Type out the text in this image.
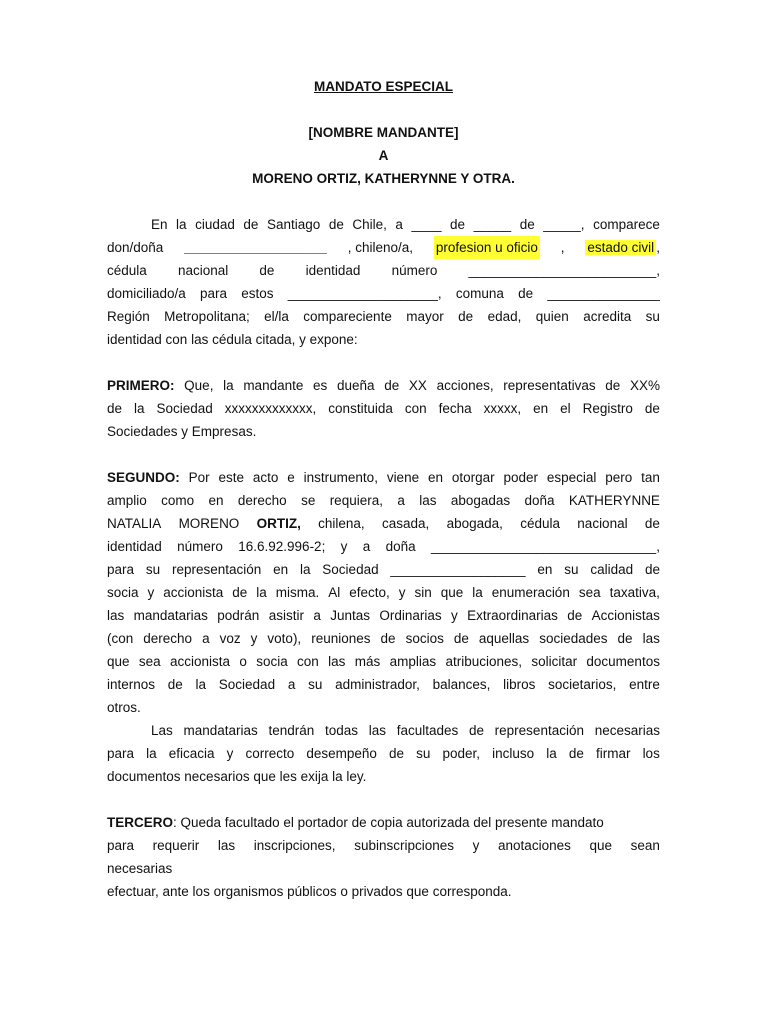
MANDATO ESPECIAL
[NOMBRE MANDANTE]
A
MORENO ORTIZ, KATHERYNNE Y OTRA.
En la ciudad de Santiago de Chile, a ____ de _____ de _____, comparece
don/doña ___________________ , chileno/a, profesion u oficio , estado civil ,
cédula nacional de identidad número _________________________,
domiciliado/a para estos ____________________, comuna de _______________
Región Metropolitana; el/la compareciente mayor de edad, quien acredita su
identidad con las cédula citada, y expone:
PRIMERO: Que, la mandante es dueña de XX acciones, representativas de XX%
de la Sociedad xxxxxxxxxxxxx, constituida con fecha xxxxx, en el Registro de
Sociedades y Empresas.
SEGUNDO: Por este acto e instrumento, viene en otorgar poder especial pero tan
amplio como en derecho se requiera, a las abogadas doña KATHERYNNE
NATALIA MORENO ORTIZ, chilena, casada, abogada, cédula nacional de
identidad número 16.6.92.996-2; y a doña ______________________________,
para su representación en la Sociedad __________________ en su calidad de
socia y accionista de la misma. Al efecto, y sin que la enumeración sea taxativa,
las mandatarias podrán asistir a Juntas Ordinarias y Extraordinarias de Accionistas
(con derecho a voz y voto), reuniones de socios de aquellas sociedades de las
que sea accionista o socia con las más amplias atribuciones, solicitar documentos
internos de la Sociedad a su administrador, balances, libros societarios, entre
otros.
Las mandatarias tendrán todas las facultades de representación necesarias
para la eficacia y correcto desempeño de su poder, incluso la de firmar los
documentos necesarios que les exija la ley.
TERCERO: Queda facultado el portador de copia autorizada del presente mandato
para requerir las inscripciones, subinscripciones y anotaciones que sean
necesarias
efectuar, ante los organismos públicos o privados que corresponda.
